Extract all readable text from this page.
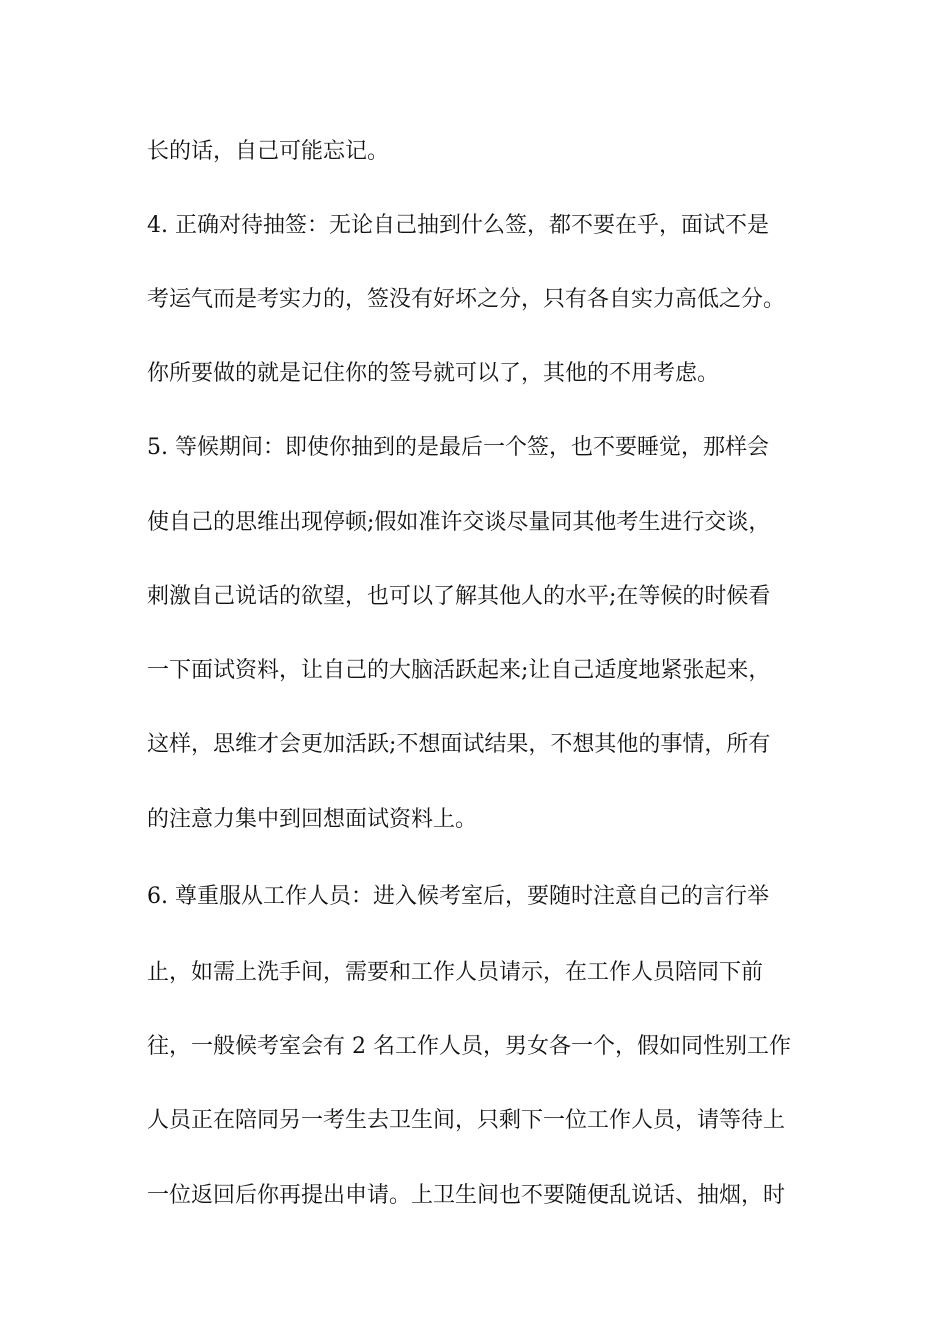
长的话，自己可能忘记。
4. 正确对待抽签：无论自己抽到什么签，都不要在乎，面试不是
考运气而是考实力的，签没有好坏之分，只有各自实力高低之分。
你所要做的就是记住你的签号就可以了，其他的不用考虑。
5. 等候期间：即使你抽到的是最后一个签，也不要睡觉，那样会
使自己的思维出现停顿;假如准许交谈尽量同其他考生进行交谈，
刺激自己说话的欲望，也可以了解其他人的水平;在等候的时候看
一下面试资料，让自己的大脑活跃起来;让自己适度地紧张起来，
这样，思维才会更加活跃;不想面试结果，不想其他的事情，所有
的注意力集中到回想面试资料上。
6. 尊重服从工作人员：进入候考室后，要随时注意自己的言行举
止，如需上洗手间，需要和工作人员请示，在工作人员陪同下前
往，一般候考室会有 2 名工作人员，男女各一个，假如同性别工作
人员正在陪同另一考生去卫生间，只剩下一位工作人员，请等待上
一位返回后你再提出申请。上卫生间也不要随便乱说话、抽烟，时
